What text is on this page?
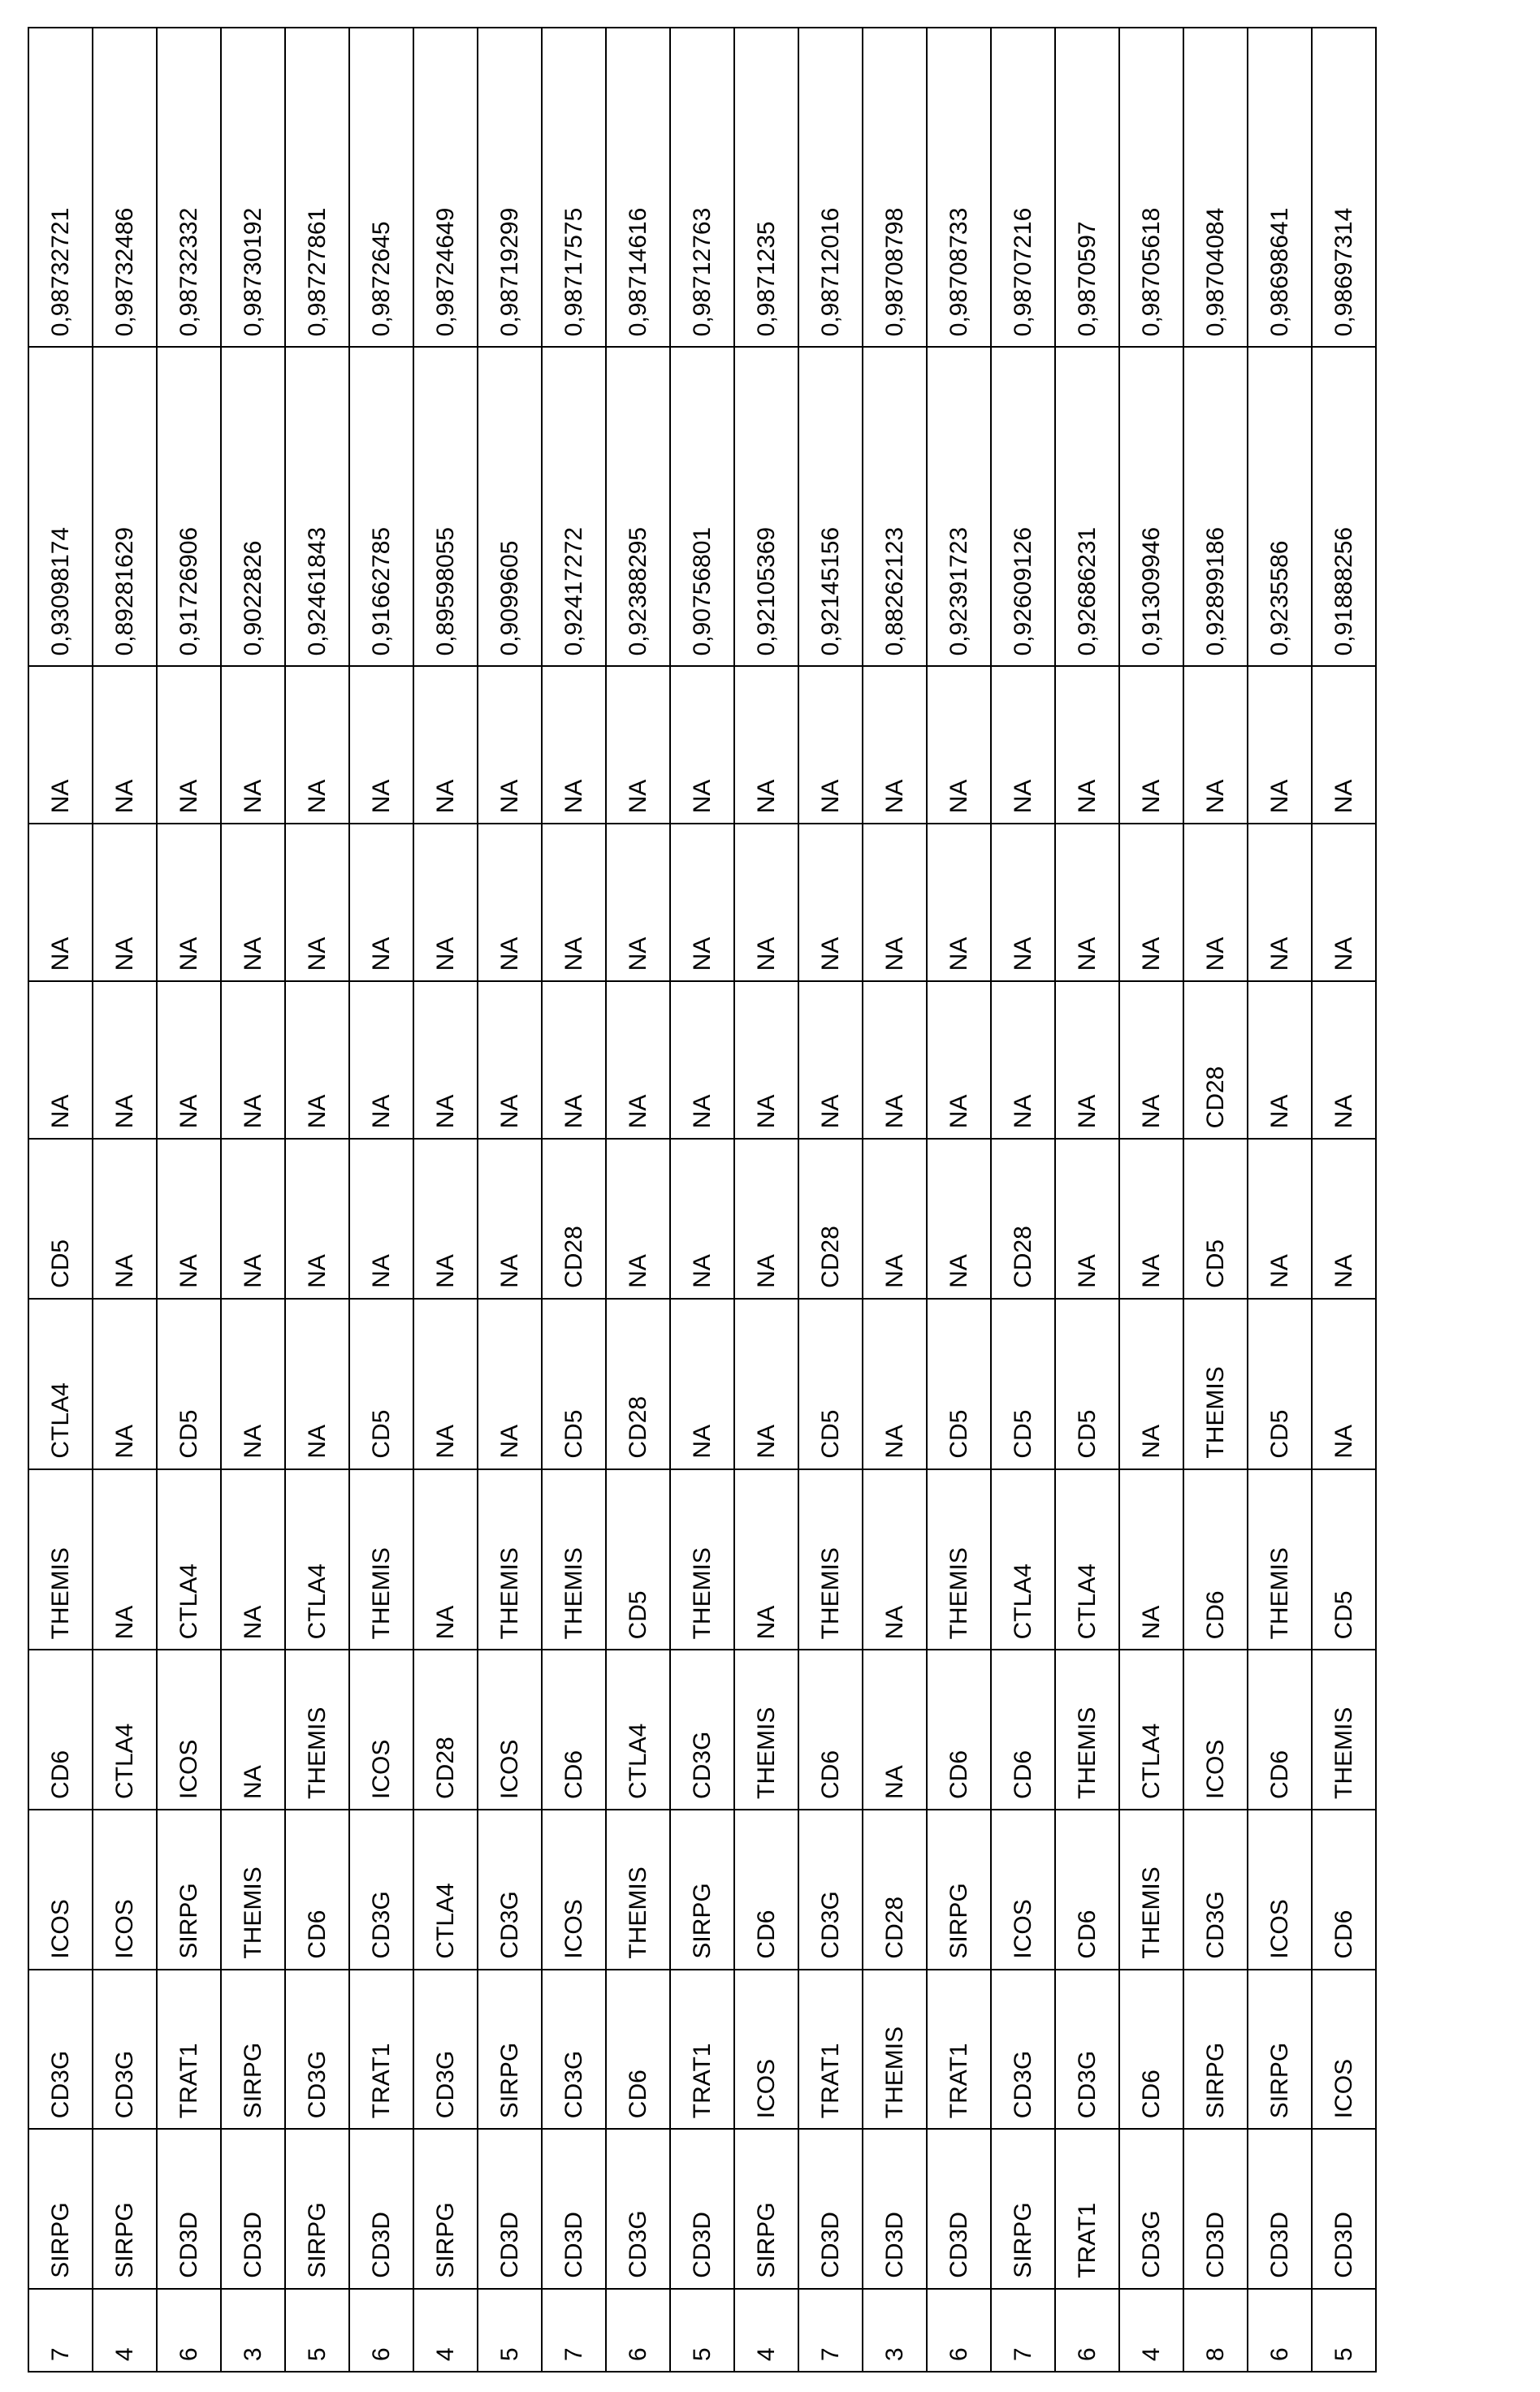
7	SIRPG	CD3G	ICOS	CD6	THEMIS	CTLA4	CD5	NA	NA	NA	0,93098174	0,98732721
4	SIRPG	CD3G	ICOS	CTLA4	NA	NA	NA	NA	NA	NA	0,89281629	0,98732486
6	CD3D	TRAT1	SIRPG	ICOS	CTLA4	CD5	NA	NA	NA	NA	0,91726906	0,98732332
3	CD3D	SIRPG	THEMIS	NA	NA	NA	NA	NA	NA	NA	0,9022826	0,98730192
5	SIRPG	CD3G	CD6	THEMIS	CTLA4	NA	NA	NA	NA	NA	0,92461843	0,98727861
6	CD3D	TRAT1	CD3G	ICOS	THEMIS	CD5	NA	NA	NA	NA	0,91662785	0,9872645
4	SIRPG	CD3G	CTLA4	CD28	NA	NA	NA	NA	NA	NA	0,89598055	0,98724649
5	CD3D	SIRPG	CD3G	ICOS	THEMIS	NA	NA	NA	NA	NA	0,9099605	0,98719299
7	CD3D	CD3G	ICOS	CD6	THEMIS	CD5	CD28	NA	NA	NA	0,92417272	0,98717575
6	CD3G	CD6	THEMIS	CTLA4	CD5	CD28	NA	NA	NA	NA	0,92388295	0,98714616
5	CD3D	TRAT1	SIRPG	CD3G	THEMIS	NA	NA	NA	NA	NA	0,90756801	0,98712763
4	SIRPG	ICOS	CD6	THEMIS	NA	NA	NA	NA	NA	NA	0,92105369	0,9871235
7	CD3D	TRAT1	CD3G	CD6	THEMIS	CD5	CD28	NA	NA	NA	0,92145156	0,98712016
3	CD3D	THEMIS	CD28	NA	NA	NA	NA	NA	NA	NA	0,88262123	0,98708798
6	CD3D	TRAT1	SIRPG	CD6	THEMIS	CD5	NA	NA	NA	NA	0,92391723	0,98708733
7	SIRPG	CD3G	ICOS	CD6	CTLA4	CD5	CD28	NA	NA	NA	0,92609126	0,98707216
6	TRAT1	CD3G	CD6	THEMIS	CTLA4	CD5	NA	NA	NA	NA	0,92686231	0,9870597
4	CD3G	CD6	THEMIS	CTLA4	NA	NA	NA	NA	NA	NA	0,91309946	0,98705618
8	CD3D	SIRPG	CD3G	ICOS	CD6	THEMIS	CD5	CD28	NA	NA	0,92899186	0,98704084
6	CD3D	SIRPG	ICOS	CD6	THEMIS	CD5	NA	NA	NA	NA	0,9235586	0,98698641
5	CD3D	ICOS	CD6	THEMIS	CD5	NA	NA	NA	NA	NA	0,91888256	0,98697314
